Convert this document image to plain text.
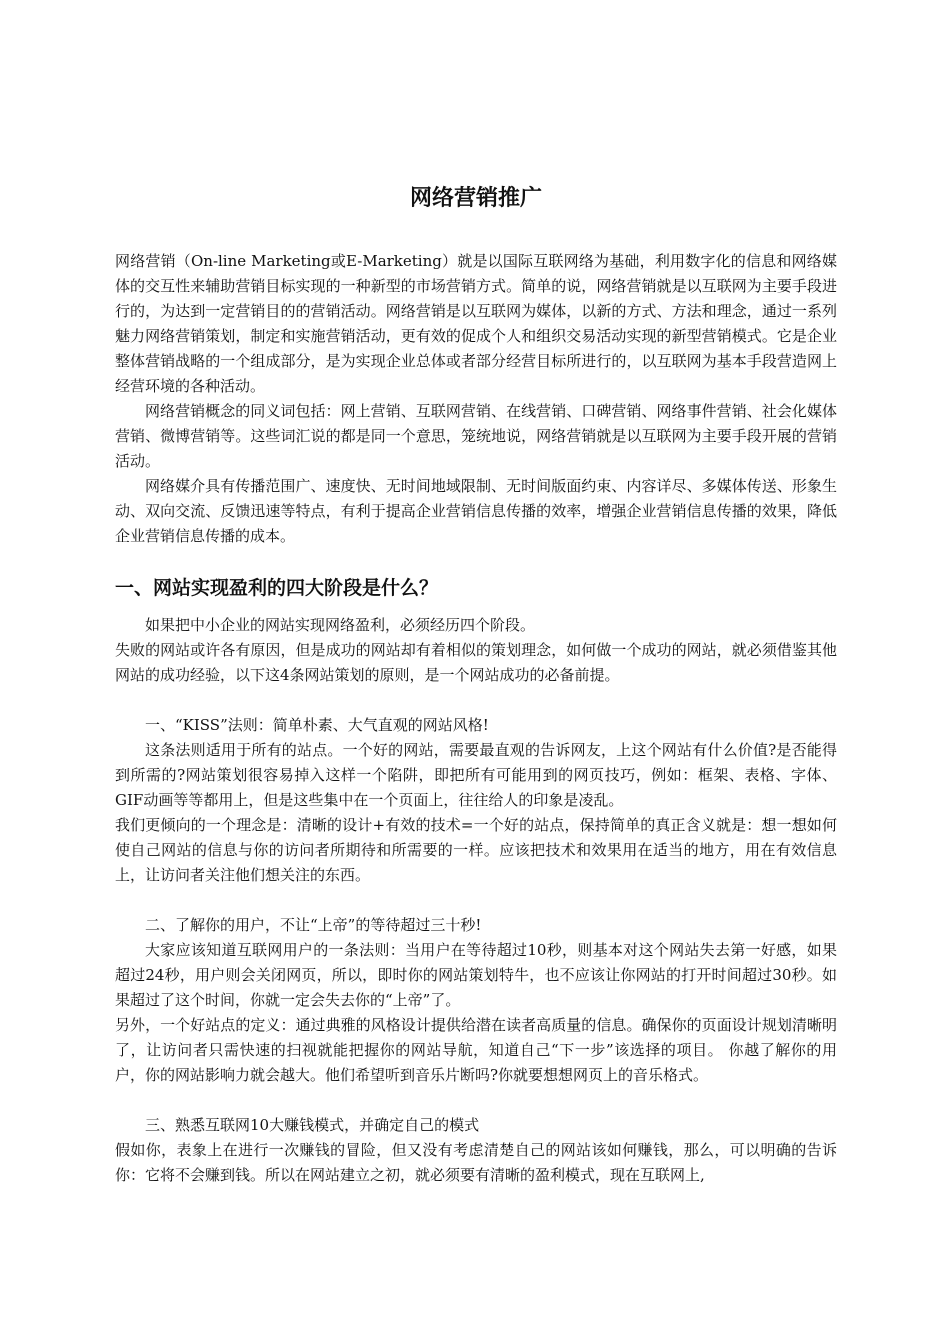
网络营销推广

网络营销（On-line Marketing或E-Marketing）就是以国际互联网络为基础，利用数字化的信息和网络媒体的交互性来辅助营销目标实现的一种新型的市场营销方式。简单的说，网络营销就是以互联网为主要手段进行的，为达到一定营销目的的营销活动。网络营销是以互联网为媒体，以新的方式、方法和理念，通过一系列魅力网络营销策划，制定和实施营销活动，更有效的促成个人和组织交易活动实现的新型营销模式。它是企业整体营销战略的一个组成部分，是为实现企业总体或者部分经营目标所进行的，以互联网为基本手段营造网上经营环境的各种活动。

网络营销概念的同义词包括：网上营销、互联网营销、在线营销、口碑营销、网络事件营销、社会化媒体营销、微博营销等。这些词汇说的都是同一个意思，笼统地说，网络营销就是以互联网为主要手段开展的营销活动。

网络媒介具有传播范围广、速度快、无时间地域限制、无时间版面约束、内容详尽、多媒体传送、形象生动、双向交流、反馈迅速等特点，有利于提高企业营销信息传播的效率，增强企业营销信息传播的效果，降低企业营销信息传播的成本。

一、网站实现盈利的四大阶段是什么？

如果把中小企业的网站实现网络盈利，必须经历四个阶段。

失败的网站或许各有原因，但是成功的网站却有着相似的策划理念，如何做一个成功的网站，就必须借鉴其他网站的成功经验，以下这4条网站策划的原则，是一个网站成功的必备前提。

一、“KISS”法则：简单朴素、大气直观的网站风格!

这条法则适用于所有的站点。一个好的网站，需要最直观的告诉网友，上这个网站有什么价值?是否能得到所需的?网站策划很容易掉入这样一个陷阱，即把所有可能用到的网页技巧，例如：框架、表格、字体、GIF动画等等都用上，但是这些集中在一个页面上，往往给人的印象是凌乱。

我们更倾向的一个理念是：清晰的设计+有效的技术=一个好的站点，保持简单的真正含义就是：想一想如何使自己网站的信息与你的访问者所期待和所需要的一样。应该把技术和效果用在适当的地方，用在有效信息上，让访问者关注他们想关注的东西。

二、了解你的用户，不让“上帝”的等待超过三十秒!

大家应该知道互联网用户的一条法则：当用户在等待超过10秒，则基本对这个网站失去第一好感，如果超过24秒，用户则会关闭网页，所以，即时你的网站策划特牛，也不应该让你网站的打开时间超过30秒。如果超过了这个时间，你就一定会失去你的“上帝”了。

另外，一个好站点的定义：通过典雅的风格设计提供给潜在读者高质量的信息。确保你的页面设计规划清晰明了，让访问者只需快速的扫视就能把握你的网站导航，知道自己“下一步”该选择的项目。 你越了解你的用户，你的网站影响力就会越大。他们希望听到音乐片断吗?你就要想想网页上的音乐格式。

三、熟悉互联网10大赚钱模式，并确定自己的模式

假如你，表象上在进行一次赚钱的冒险，但又没有考虑清楚自己的网站该如何赚钱，那么，可以明确的告诉你：它将不会赚到钱。所以在网站建立之初，就必须要有清晰的盈利模式，现在互联网上,
